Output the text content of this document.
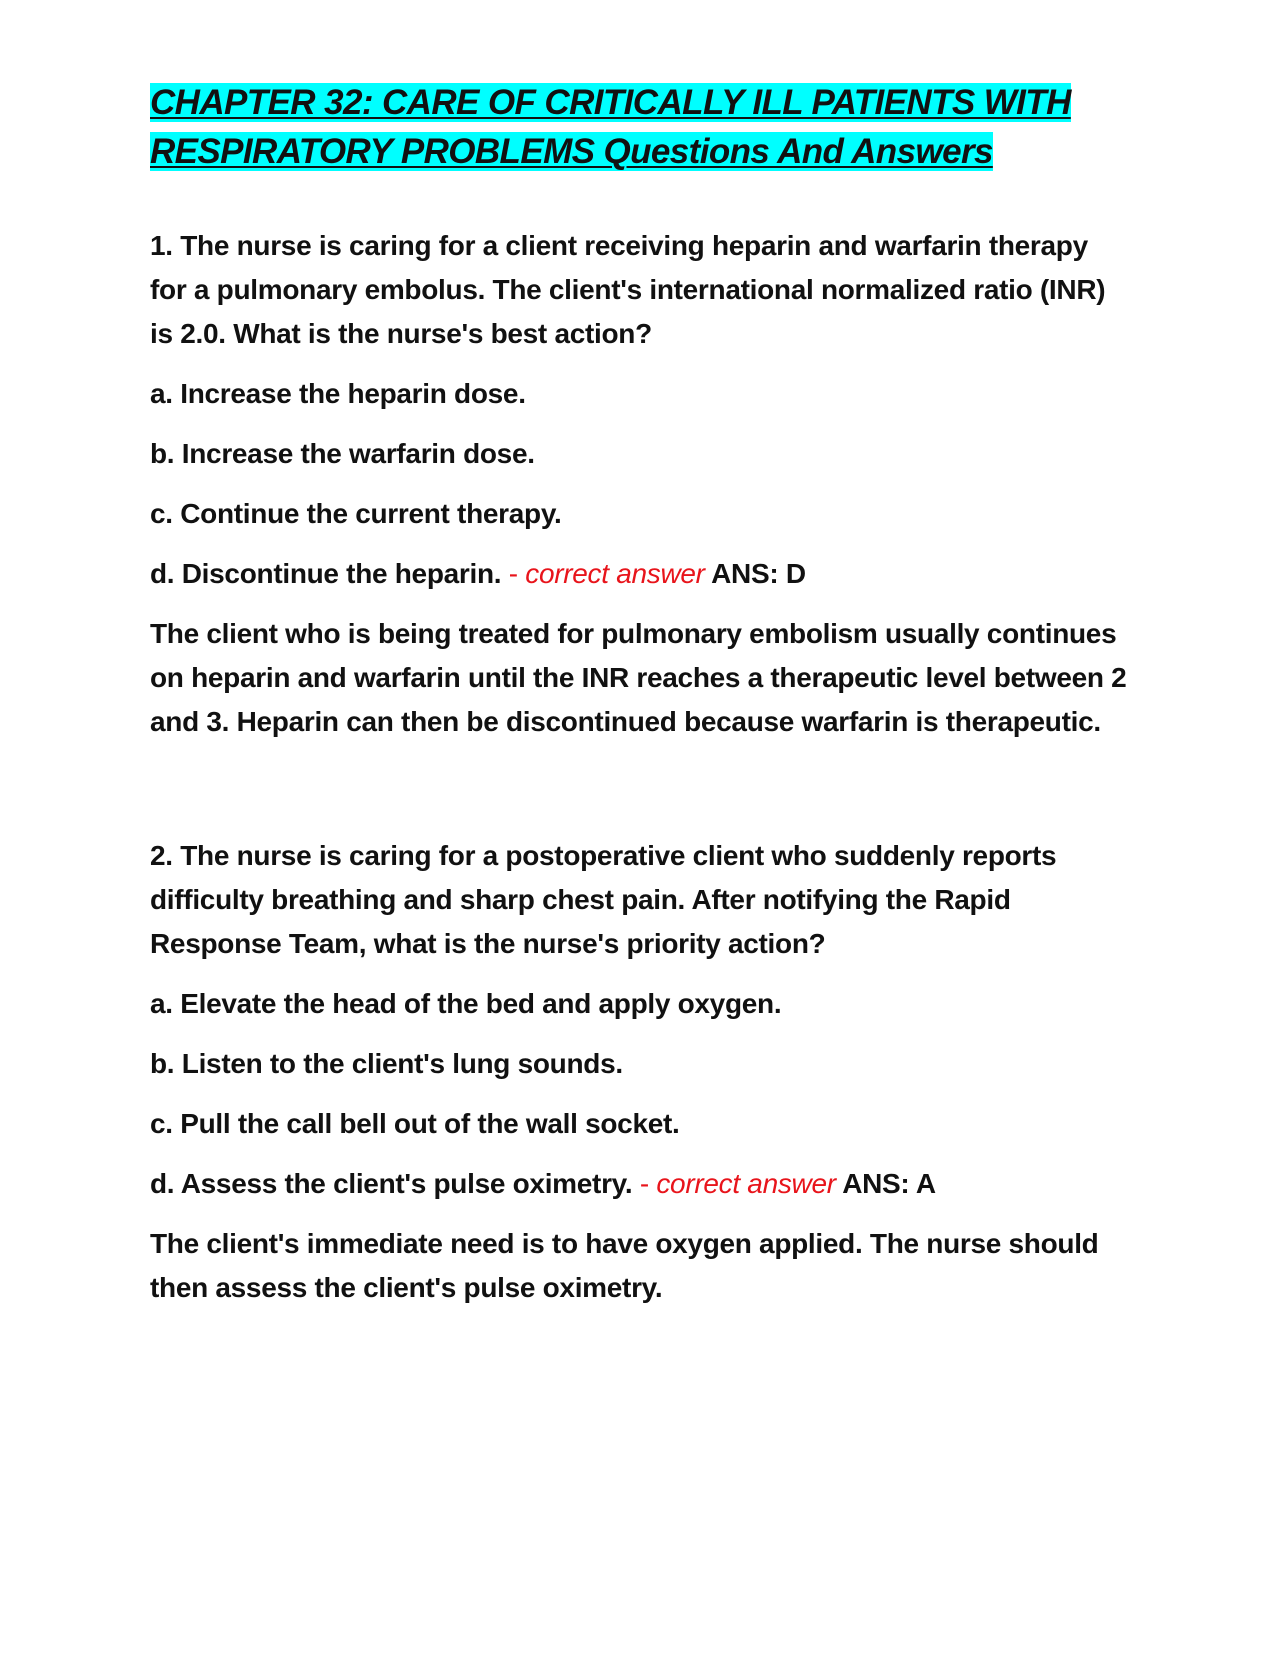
CHAPTER 32: CARE OF CRITICALLY ILL PATIENTS WITH
RESPIRATORY PROBLEMS Questions And Answers

1. The nurse is caring for a client receiving heparin and warfarin therapy for a pulmonary embolus. The client's international normalized ratio (INR) is 2.0. What is the nurse's best action?

a. Increase the heparin dose.

b. Increase the warfarin dose.

c. Continue the current therapy.

d. Discontinue the heparin. - correct answer ANS: D

The client who is being treated for pulmonary embolism usually continues on heparin and warfarin until the INR reaches a therapeutic level between 2 and 3. Heparin can then be discontinued because warfarin is therapeutic.

2. The nurse is caring for a postoperative client who suddenly reports difficulty breathing and sharp chest pain. After notifying the Rapid Response Team, what is the nurse's priority action?

a. Elevate the head of the bed and apply oxygen.

b. Listen to the client's lung sounds.

c. Pull the call bell out of the wall socket.

d. Assess the client's pulse oximetry. - correct answer ANS: A

The client's immediate need is to have oxygen applied. The nurse should then assess the client's pulse oximetry.
